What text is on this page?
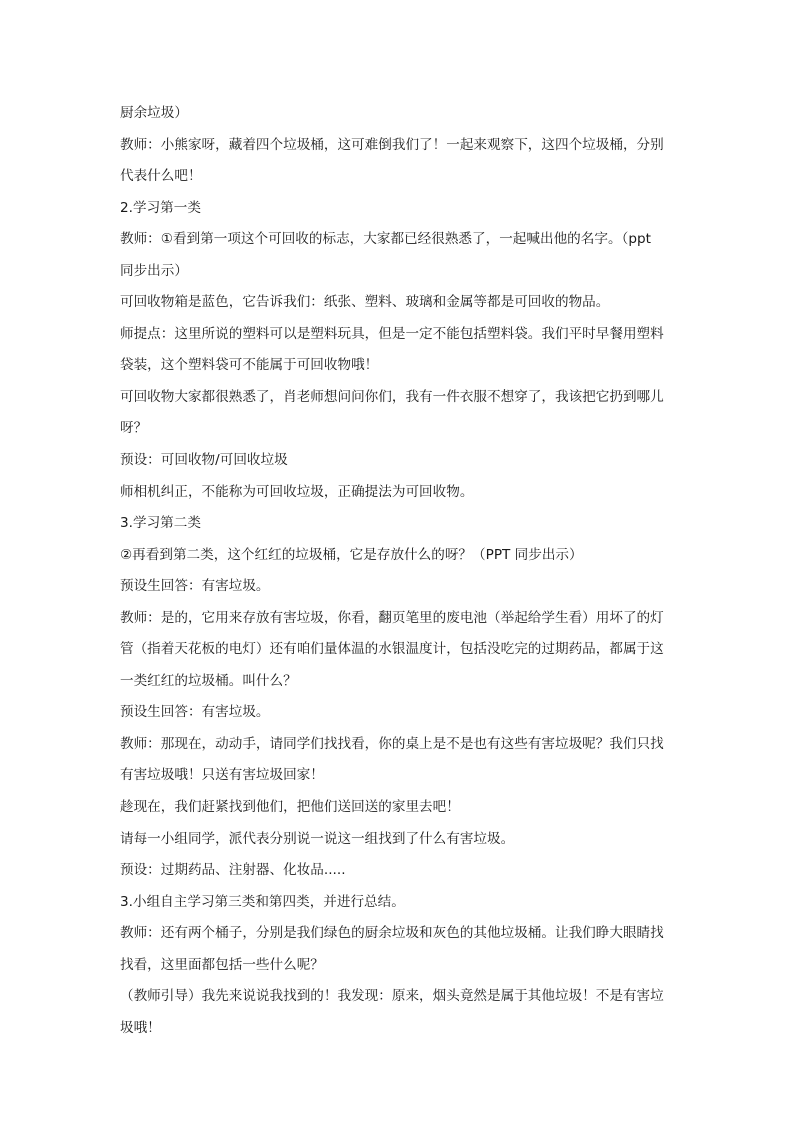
厨余垃圾）
教师：小熊家呀，藏着四个垃圾桶，这可难倒我们了！一起来观察下，这四个垃圾桶，分别
代表什么吧！
2.学习第一类
教师：①看到第一项这个可回收的标志，大家都已经很熟悉了，一起喊出他的名字。（ppt
同步出示）
可回收物箱是蓝色，它告诉我们：纸张、塑料、玻璃和金属等都是可回收的物品。
师提点：这里所说的塑料可以是塑料玩具，但是一定不能包括塑料袋。我们平时早餐用塑料
袋装，这个塑料袋可不能属于可回收物哦！
可回收物大家都很熟悉了，肖老师想问问你们，我有一件衣服不想穿了，我该把它扔到哪儿
呀？
预设：可回收物/可回收垃圾
师相机纠正，不能称为可回收垃圾，正确提法为可回收物。
3.学习第二类
②再看到第二类，这个红红的垃圾桶，它是存放什么的呀？（PPT 同步出示）
预设生回答：有害垃圾。
教师：是的，它用来存放有害垃圾，你看，翻页笔里的废电池（举起给学生看）用坏了的灯
管（指着天花板的电灯）还有咱们量体温的水银温度计，包括没吃完的过期药品，都属于这
一类红红的垃圾桶。叫什么？
预设生回答：有害垃圾。
教师：那现在，动动手，请同学们找找看，你的桌上是不是也有这些有害垃圾呢？我们只找
有害垃圾哦！只送有害垃圾回家！
趁现在，我们赶紧找到他们，把他们送回送的家里去吧！
请每一小组同学，派代表分别说一说这一组找到了什么有害垃圾。
预设：过期药品、注射器、化妆品.....
3.小组自主学习第三类和第四类，并进行总结。
教师：还有两个桶子，分别是我们绿色的厨余垃圾和灰色的其他垃圾桶。让我们睁大眼睛找
找看，这里面都包括一些什么呢？
（教师引导）我先来说说我找到的！我发现：原来，烟头竟然是属于其他垃圾！不是有害垃
圾哦！
